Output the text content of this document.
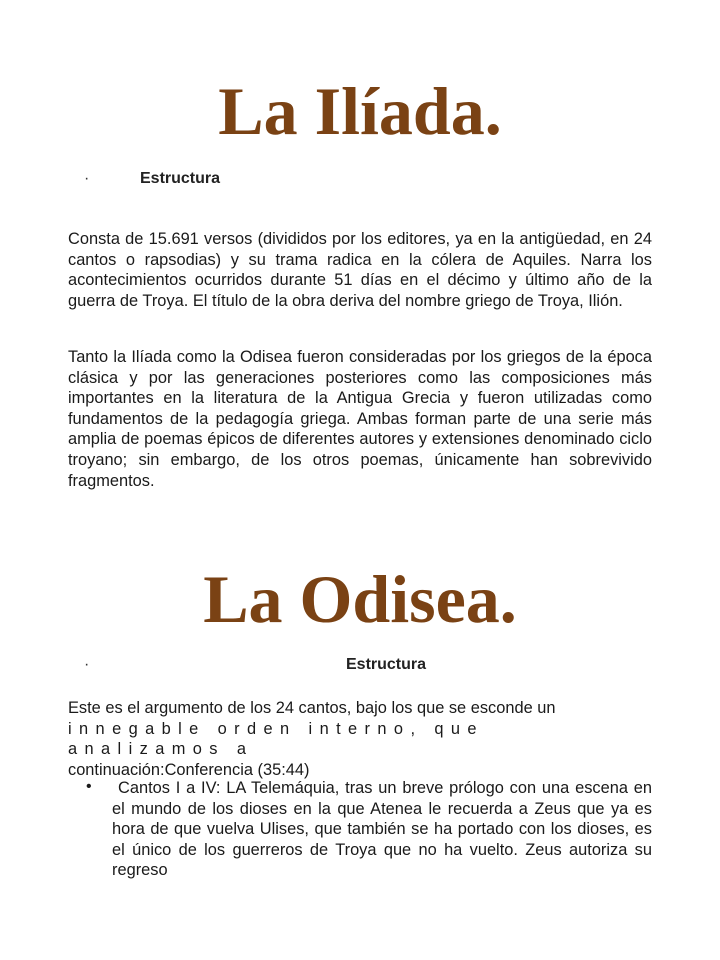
La Ilíada.
·	Estructura

Consta de 15.691 versos (divididos por los editores, ya en la antigüedad, en 24 cantos o rapsodias) y su trama radica en la cólera de Aquiles. Narra los acontecimientos ocurridos durante 51 días en el décimo y último año de la guerra de Troya. El título de la obra deriva del nombre griego de Troya, Ilión.

Tanto la Ilíada como la Odisea fueron consideradas por los griegos de la época clásica y por las generaciones posteriores como las composiciones más importantes en la literatura de la Antigua Grecia y fueron utilizadas como fundamentos de la pedagogía griega. Ambas forman parte de una serie más amplia de poemas épicos de diferentes autores y extensiones denominado ciclo troyano; sin embargo, de los otros poemas, únicamente han sobrevivido fragmentos.

La Odisea.
·	Estructura
Este es el argumento de los 24 cantos, bajo los que se esconde un
innegable orden interno, que analizamos a
continuación:Conferencia (35:44)
•	Cantos I a IV: LA Telemáquia, tras un breve prólogo con una escena en el mundo de los dioses en la que Atenea le recuerda a Zeus que ya es hora de que vuelva Ulises, que también se ha portado con los dioses, es el único de los guerreros de Troya que no ha vuelto. Zeus autoriza su regreso
